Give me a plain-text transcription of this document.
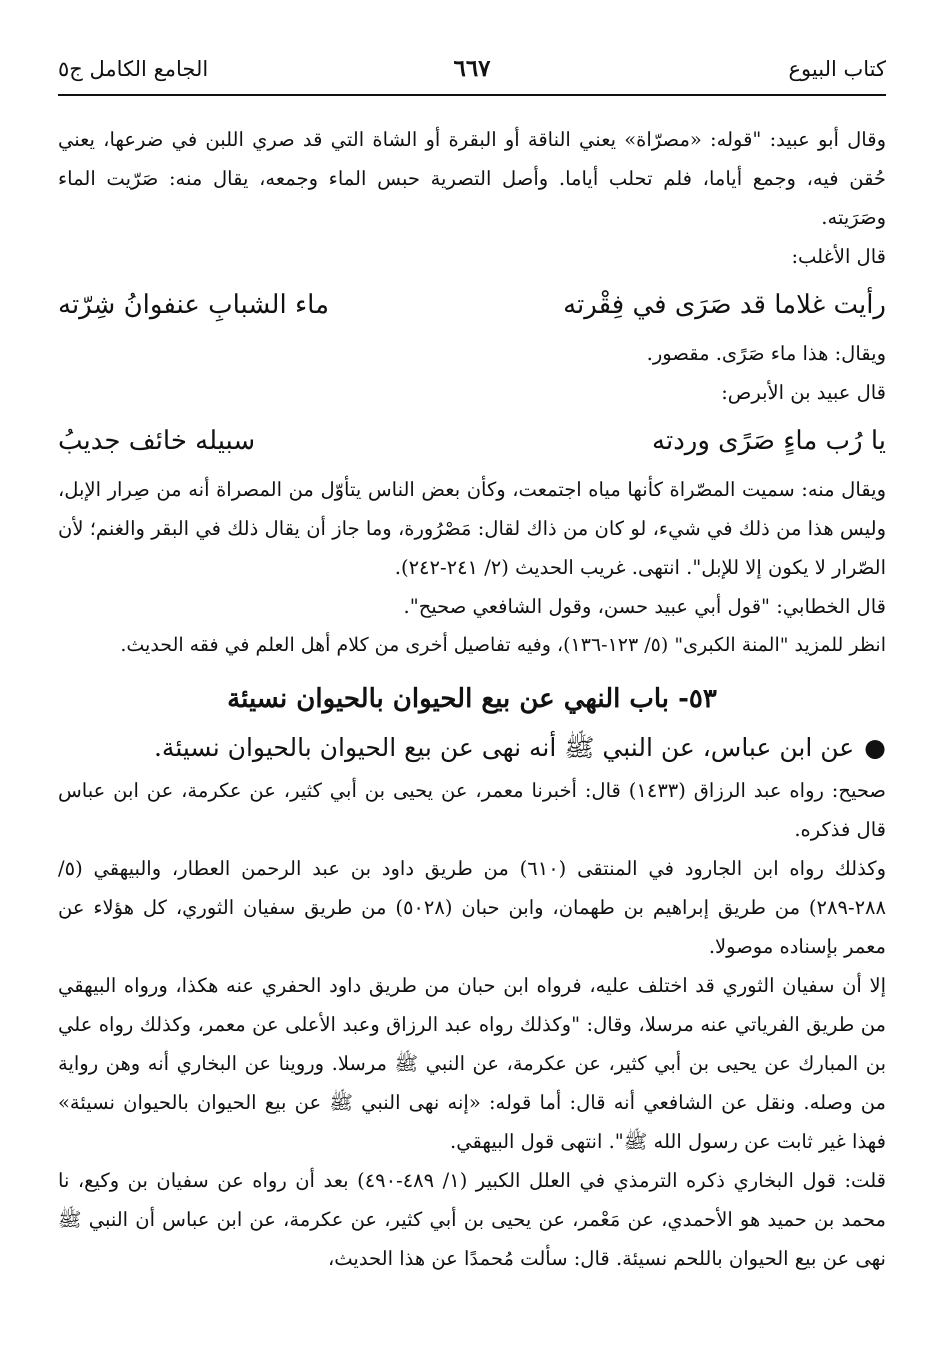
٦٦٧	كتاب البيوع
الجامع الكامل ج٥

وقال أبو عبيد: "قوله: «مصرّاة» يعني الناقة أو البقرة أو الشاة التي قد صري اللبن في ضرعها، يعني حُقن فيه، وجمع أياما، فلم تحلب أياما. وأصل التصرية حبس الماء وجمعه، يقال منه: صَرّيت الماء وصَرَيته.

قال الأغلب:

رأيت غلاما قد صَرَى في فِقْرته
ماء الشبابِ عنفوانُ شِرّته

ويقال: هذا ماء صَرًى. مقصور.

قال عبيد بن الأبرص:

يا رُب ماءٍ صَرًى وردته
سبيله خائف جديبُ

ويقال منه: سميت المصّراة كأنها مياه اجتمعت، وكأن بعض الناس يتأوّل من المصراة أنه من صِرار الإبل، وليس هذا من ذلك في شيء، لو كان من ذاك لقال: مَصْرُورة، وما جاز أن يقال ذلك في البقر والغنم؛ لأن الصّرار لا يكون إلا للإبل". انتهى. غريب الحديث (٢/ ٢٤١-٢٤٢).

قال الخطابي: "قول أبي عبيد حسن، وقول الشافعي صحيح".

انظر للمزيد "المنة الكبرى" (٥/ ١٢٣-١٣٦)، وفيه تفاصيل أخرى من كلام أهل العلم في فقه الحديث.

٥٣- باب النهي عن بيع الحيوان بالحيوان نسيئة

●عن ابن عباس، عن النبي ﷺ أنه نهى عن بيع الحيوان بالحيوان نسيئة.

صحيح: رواه عبد الرزاق (١٤٣٣) قال: أخبرنا معمر، عن يحيى بن أبي كثير، عن عكرمة، عن ابن عباس قال فذكره.

وكذلك رواه ابن الجارود في المنتقى (٦١٠) من طريق داود بن عبد الرحمن العطار، والبيهقي (٥/ ٢٨٨-٢٨٩) من طريق إبراهيم بن طهمان، وابن حبان (٥٠٢٨) من طريق سفيان الثوري، كل هؤلاء عن معمر بإسناده موصولا.

إلا أن سفيان الثوري قد اختلف عليه، فرواه ابن حبان من طريق داود الحفري عنه هكذا، ورواه البيهقي من طريق الفرياتي عنه مرسلا، وقال: "وكذلك رواه عبد الرزاق وعبد الأعلى عن معمر، وكذلك رواه علي بن المبارك عن يحيى بن أبي كثير، عن عكرمة، عن النبي ﷺ مرسلا. وروينا عن البخاري أنه وهن رواية من وصله. ونقل عن الشافعي أنه قال: أما قوله: «إنه نهى النبي ﷺ عن بيع الحيوان بالحيوان نسيئة» فهذا غير ثابت عن رسول الله ﷺ". انتهى قول البيهقي.

قلت: قول البخاري ذكره الترمذي في العلل الكبير (١/ ٤٨٩-٤٩٠) بعد أن رواه عن سفيان بن وكيع، نا محمد بن حميد هو الأحمدي، عن مَعْمر، عن يحيى بن أبي كثير، عن عكرمة، عن ابن عباس أن النبي ﷺ نهى عن بيع الحيوان باللحم نسيئة. قال: سألت مُحمدًا عن هذا الحديث،
